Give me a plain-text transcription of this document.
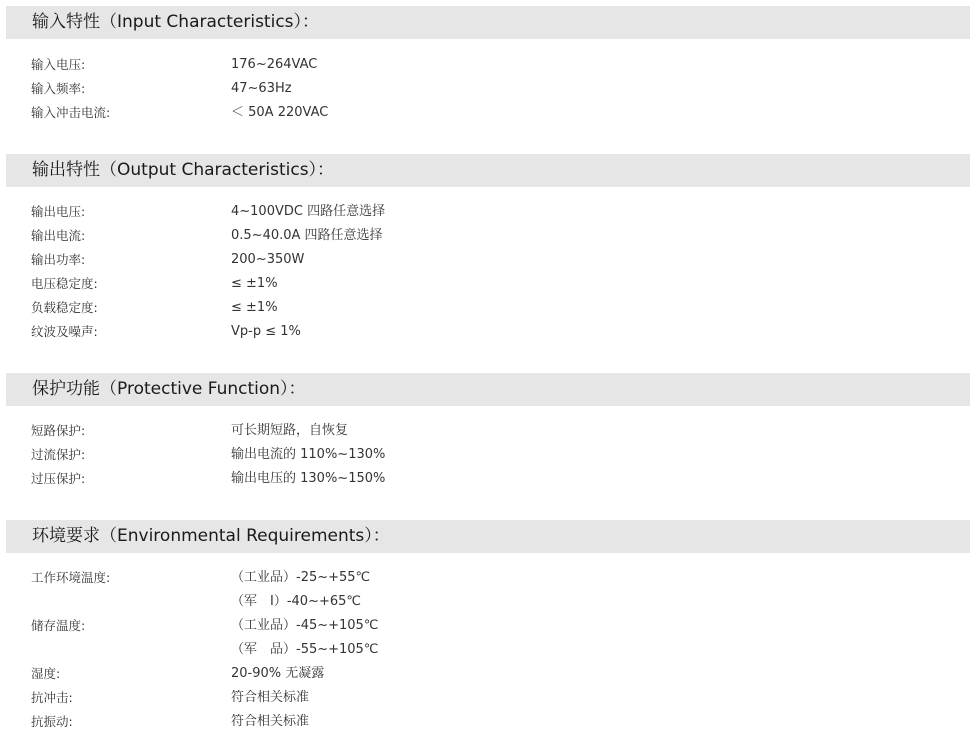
输入特性（Input Characteristics）：
输入电压:	176~264VAC
输入频率:	47~63Hz
输入冲击电流:	＜ 50A 220VAC
输出特性（Output Characteristics）：
输出电压:	4~100VDC 四路任意选择
输出电流:	0.5~40.0A 四路任意选择
输出功率:	200~350W
电压稳定度:	≤ ±1%
负载稳定度:	≤ ±1%
纹波及噪声:	Vp-p ≤ 1%
保护功能（Protective Function）：
短路保护:	可长期短路，自恢复
过流保护:	输出电流的 110%~130%
过压保护:	输出电压的 130%~150%
环境要求（Environmental Requirements）：
工作环境温度:	（工业品）-25~+55℃
（军　Ⅰ）-40~+65℃
储存温度:	（工业品）-45~+105℃
（军　品）-55~+105℃
湿度:	20-90% 无凝露
抗冲击:	符合相关标准
抗振动:	符合相关标准
